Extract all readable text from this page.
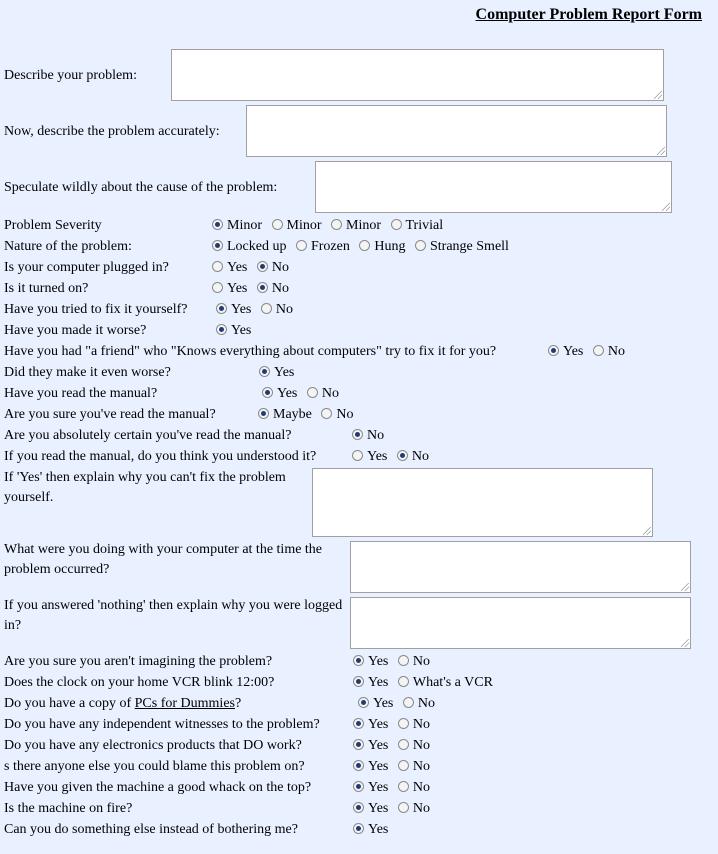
Computer Problem Report Form
Describe your problem:
Now, describe the problem accurately:
Speculate wildly about the cause of the problem:
Problem Severity	Minor Minor Minor Trivial
Nature of the problem:	Locked up Frozen Hung Strange Smell
Is your computer plugged in?	Yes No
Is it turned on?	Yes No
Have you tried to fix it yourself?	Yes No
Have you made it worse?	Yes
Have you had "a friend" who "Knows everything about computers" try to fix it for you?	Yes No
Did they make it even worse?	Yes
Have you read the manual?	Yes No
Are you sure you've read the manual?	Maybe No
Are you absolutely certain you've read the manual?	No
If you read the manual, do you think you understood it?	Yes No
If 'Yes' then explain why you can't fix the problem yourself.
What were you doing with your computer at the time the problem occurred?
If you answered 'nothing' then explain why you were logged in?
Are you sure you aren't imagining the problem?	Yes No
Does the clock on your home VCR blink 12:00?	Yes What's a VCR
Do you have a copy of PCs for Dummies?	Yes No
Do you have any independent witnesses to the problem?	Yes No
Do you have any electronics products that DO work?	Yes No
s there anyone else you could blame this problem on?	Yes No
Have you given the machine a good whack on the top?	Yes No
Is the machine on fire?	Yes No
Can you do something else instead of bothering me?	Yes
